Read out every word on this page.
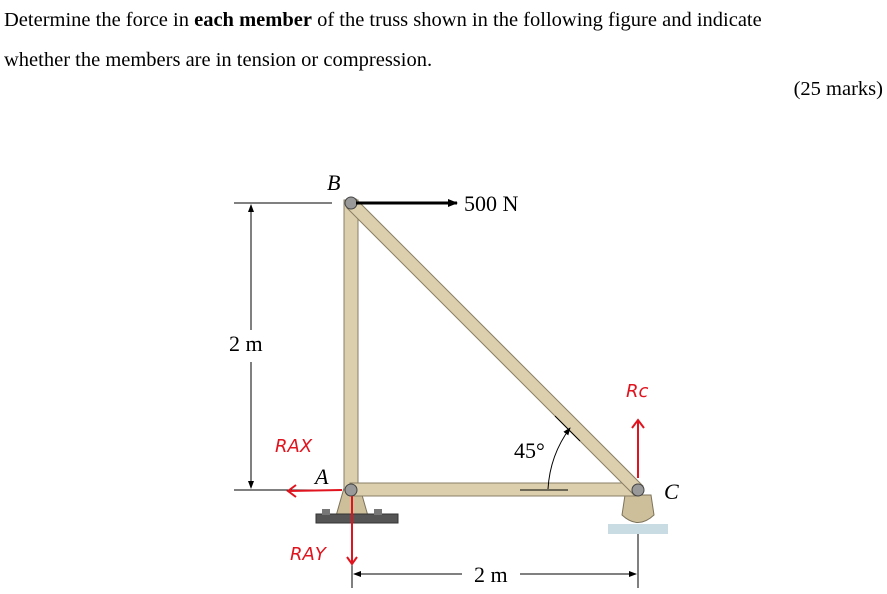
Determine the force in each member of the truss shown in the following figure and indicate
whether the members are in tension or compression.
(25 marks)
2 m
2 m
45°
500 N
B
A
C
RAX
RAY
Rc
